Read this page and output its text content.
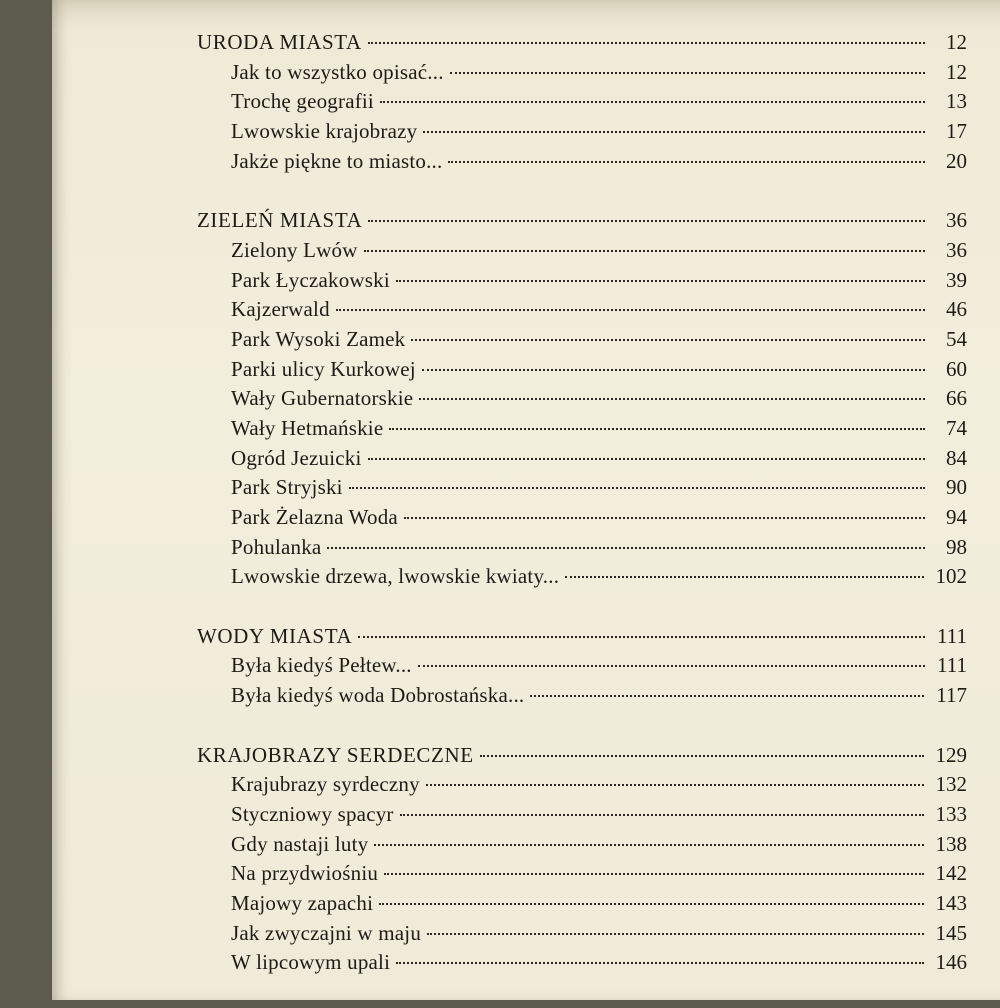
URODA MIASTA	12
Jak to wszystko opisać...	12
Trochę geografii	13
Lwowskie krajobrazy	17
Jakże piękne to miasto...	20
ZIELEŃ MIASTA	36
Zielony Lwów	36
Park Łyczakowski	39
Kajzerwald	46
Park Wysoki Zamek	54
Parki ulicy Kurkowej	60
Wały Gubernatorskie	66
Wały Hetmańskie	74
Ogród Jezuicki	84
Park Stryjski	90
Park Żelazna Woda	94
Pohulanka	98
Lwowskie drzewa, lwowskie kwiaty...	102
WODY MIASTA	111
Była kiedyś Pełtew...	111
Była kiedyś woda Dobrostańska...	117
KRAJOBRAZY SERDECZNE	129
Krajubrazy syrdeczny	132
Styczniowy spacyr	133
Gdy nastaji luty	138
Na przydwiośniu	142
Majowy zapachi	143
Jak zwyczajni w maju	145
W lipcowym upali	146
